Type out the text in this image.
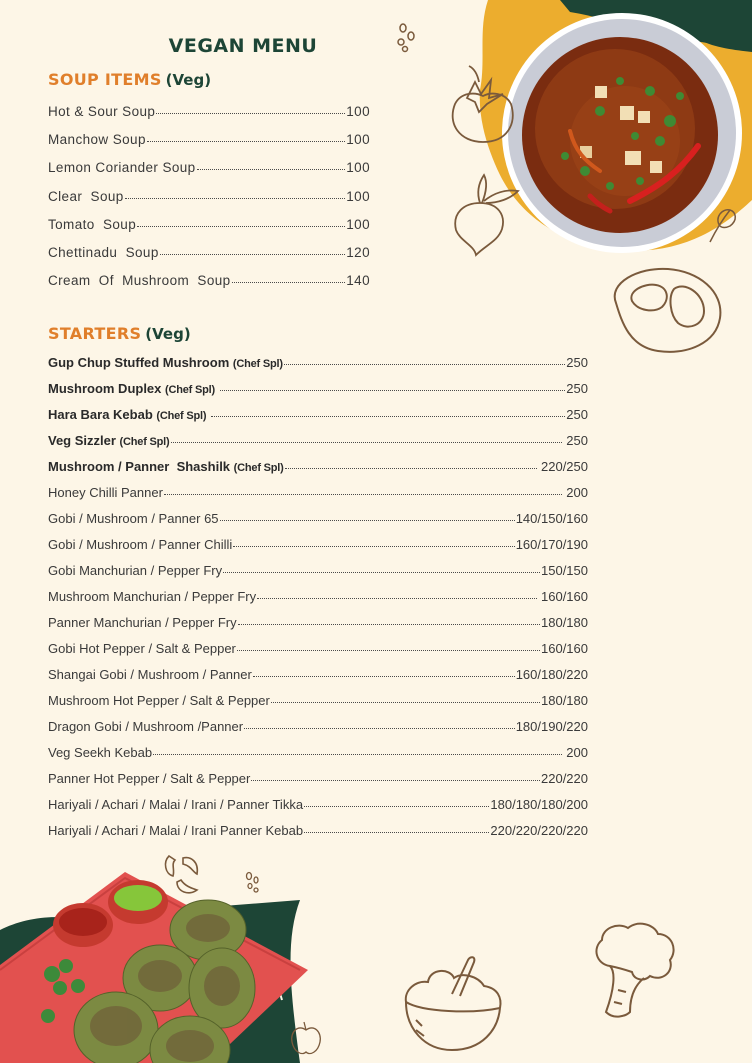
VEGAN MENU
SOUP ITEMS (Veg)
Hot & Sour Soup	100
Manchow Soup	100
Lemon Coriander Soup	100
Clear  Soup	100
Tomato  Soup	100
Chettinadu  Soup	120
Cream  Of  Mushroom  Soup	140
STARTERS (Veg)
Gup Chup Stuffed Mushroom (Chef Spl)	250
Mushroom Duplex (Chef Spl)	250
Hara Bara Kebab (Chef Spl)	250
Veg Sizzler (Chef Spl)	250
Mushroom / Panner  Shashilk (Chef Spl)	220/250
Honey Chilli Panner	200
Gobi / Mushroom / Panner 65	140/150/160
Gobi / Mushroom / Panner Chilli	160/170/190
Gobi Manchurian / Pepper Fry	150/150
Mushroom Manchurian / Pepper Fry	160/160
Panner Manchurian / Pepper Fry	180/180
Gobi Hot Pepper / Salt & Pepper	160/160
Shangai Gobi / Mushroom / Panner	160/180/220
Mushroom Hot Pepper / Salt & Pepper	180/180
Dragon Gobi / Mushroom /Panner	180/190/220
Veg Seekh Kebab	200
Panner Hot Pepper / Salt & Pepper	220/220
Hariyali / Achari / Malai / Irani / Panner Tikka	180/180/180/200
Hariyali / Achari / Malai / Irani Panner Kebab	220/220/220/220
